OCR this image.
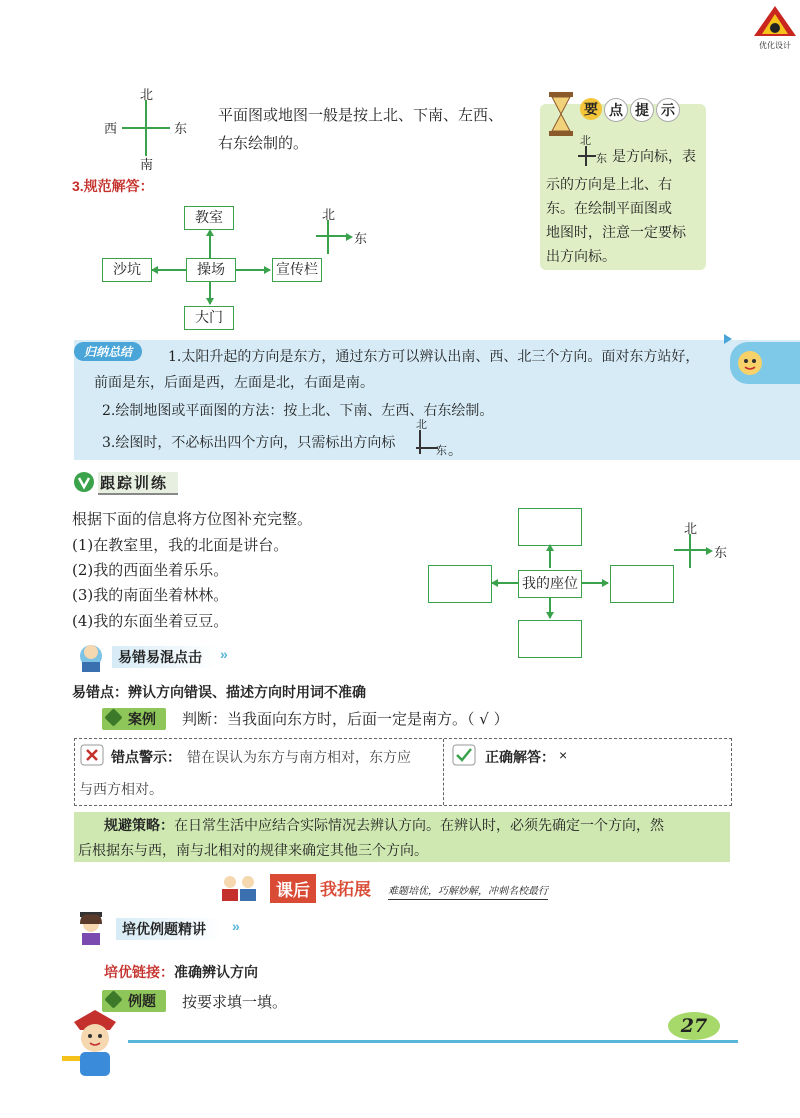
优化设计
北
南
西	东
平面图或地图一般是按上北、下南、左西、
右东绘制的。
要 点 提 示
北
东 是方向标，表
示的方向是上北、右
东。在绘制平面图或
地图时，注意一定要标
出方向标。
3.规范解答：
教室
沙坑	操场	宣传栏
大门
北
东
归纳总结	1.太阳升起的方向是东方，通过东方可以辨认出南、西、北三个方向。面对东方站好，

前面是东，后面是西，左面是北，右面是南。

2.绘制地图或平面图的方法：按上北、下南、左西、右东绘制。

3.绘图时，不必标出四个方向，只需标出方向标

北
东 。

跟踪训练
根据下面的信息将方位图补充完整。
(1)在教室里，我的北面是讲台。
(2)我的西面坐着乐乐。
(3)我的南面坐着林林。
(4)我的东面坐着豆豆。
我的座位
北
东
易错易混点击	»
易错点：辨认方向错误、描述方向时用词不准确
案例	判断：当我面向东方时，后面一定是南方。（ √ ）
错点警示： 错在误认为东方与南方相对，东方应
与西方相对。
正确解答： ×
规避策略：在日常生活中应结合实际情况去辨认方向。在辨认时，必须先确定一个方向，然
后根据东与西，南与北相对的规律来确定其他三个方向。
课后 我拓展 难题培优，巧解妙解，冲刺名校最行
培优例题精讲	»
培优链接：准确辨认方向
例题	按要求填一填。
27
